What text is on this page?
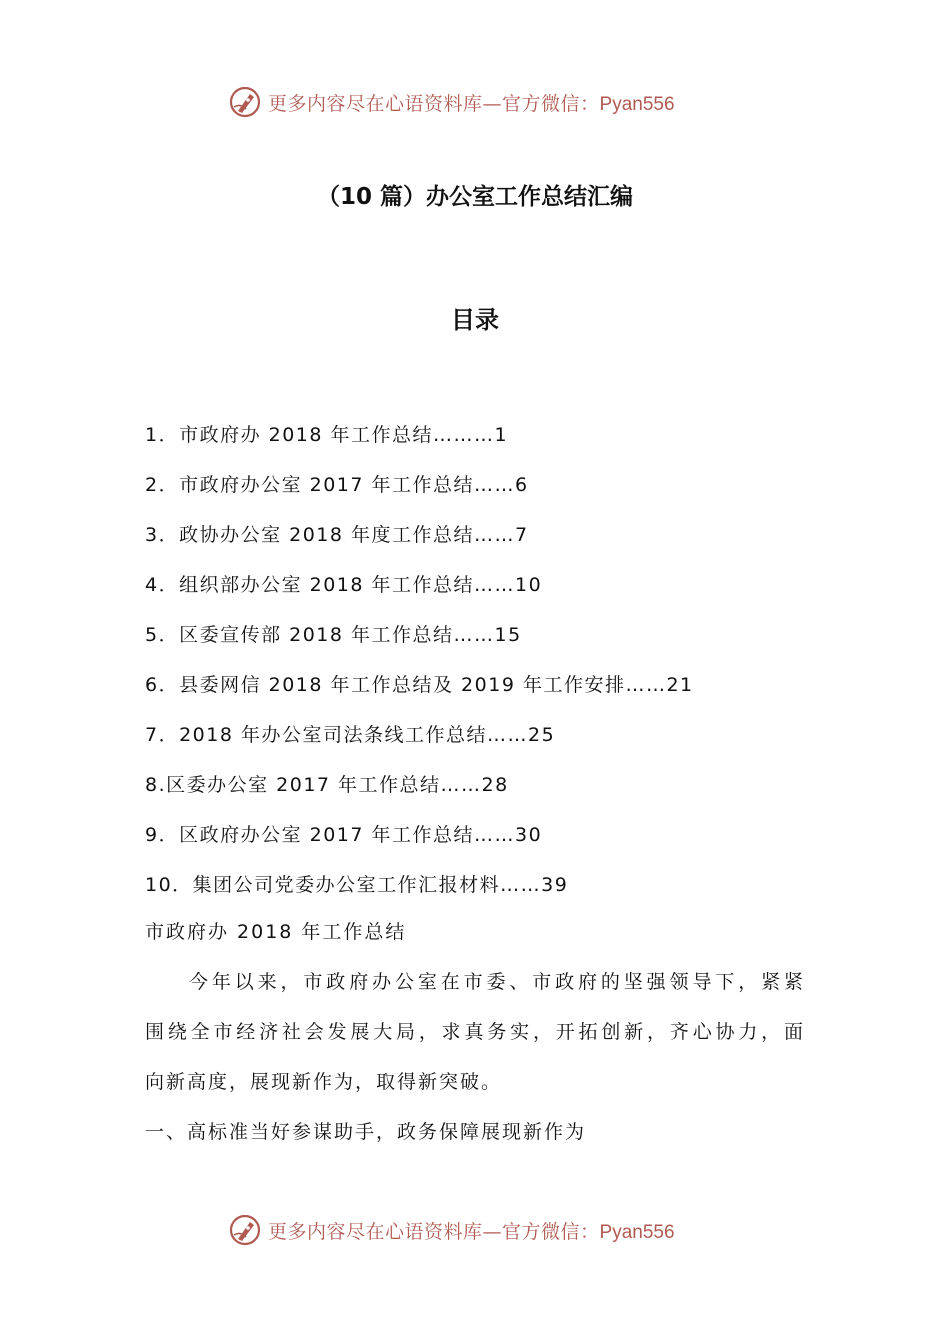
更多内容尽在心语资料库—官方微信：Pyan556
（10 篇）办公室工作总结汇编
目录
1．市政府办 2018 年工作总结………1
2．市政府办公室 2017 年工作总结……6
3．政协办公室 2018 年度工作总结……7
4．组织部办公室 2018 年工作总结……10
5．区委宣传部 2018 年工作总结……15
6．县委网信 2018 年工作总结及 2019 年工作安排……21
7．2018 年办公室司法条线工作总结……25
8.区委办公室 2017 年工作总结……28
9．区政府办公室 2017 年工作总结……30
10．集团公司党委办公室工作汇报材料……39
市政府办 2018 年工作总结
今年以来，市政府办公室在市委、市政府的坚强领导下，紧紧
围绕全市经济社会发展大局，求真务实，开拓创新，齐心协力，面
向新高度，展现新作为，取得新突破。
一、高标准当好参谋助手，政务保障展现新作为
更多内容尽在心语资料库—官方微信：Pyan556
